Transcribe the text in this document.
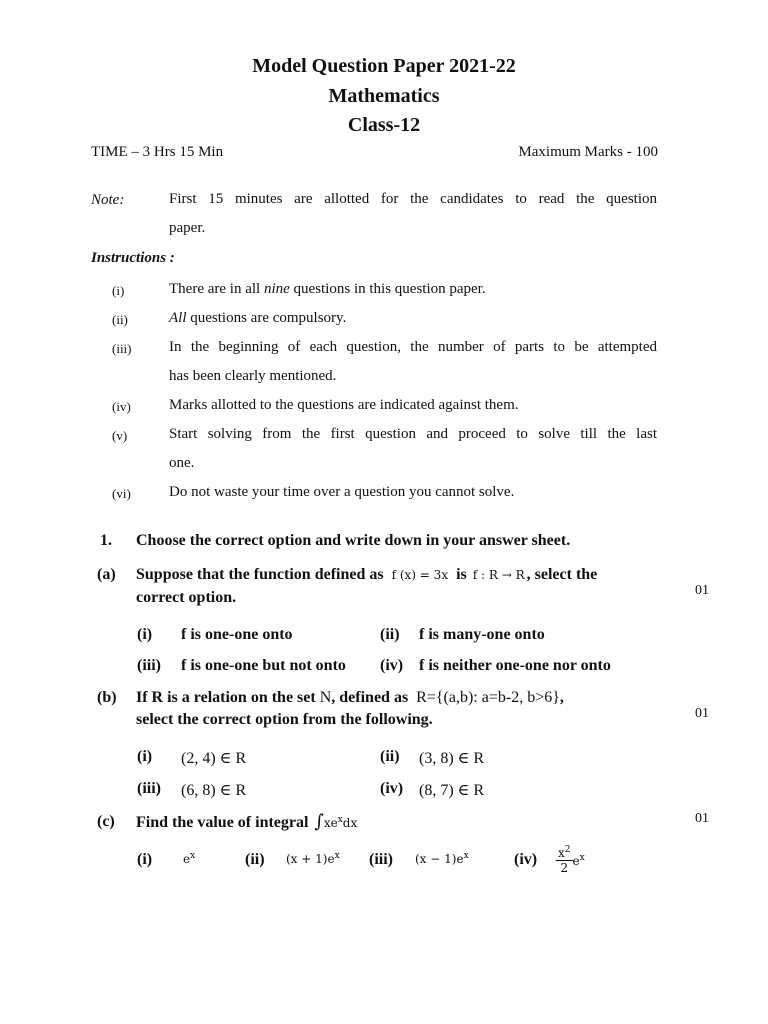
Model Question Paper 2021-22
Mathematics
Class-12
TIME – 3 Hrs 15 Min	Maximum Marks - 100
Note:	First 15 minutes are allotted for the candidates to read the question
paper.
Instructions :
(i)	There are in all nine questions in this question paper.
(ii)	All questions are compulsory.
(iii)	In the beginning of each question, the number of parts to be attempted
has been clearly mentioned.
(iv)	Marks allotted to the questions are indicated against them.
(v)	Start solving from the first question and proceed to solve till the last
one.
(vi)	Do not waste your time over a question you cannot solve.
1. Choose the correct option and write down in your answer sheet.
(a) Suppose that the function defined as f (x) = 3x is f : R → R , select the
correct option.	01
(i) f is one-one onto	(ii) f is many-one onto
(iii) f is one-one but not onto (iv) f is neither one-one nor onto
(b) If R is a relation on the set N, defined as R={(a,b): a=b-2, b>6},
select the correct option from the following.	01
(i) (2, 4) ∈ R	(ii) (3, 8) ∈ R
(iii) (6, 8) ∈ R	(iv) (8, 7) ∈ R
(c) Find the value of integral $\int xe^xdx$	01
(i)	$e^x$	(ii) $(x + 1)e^x$ (iii) $(x - 1)e^x$	$(iv) \frac{x^2}{2} e^x$
